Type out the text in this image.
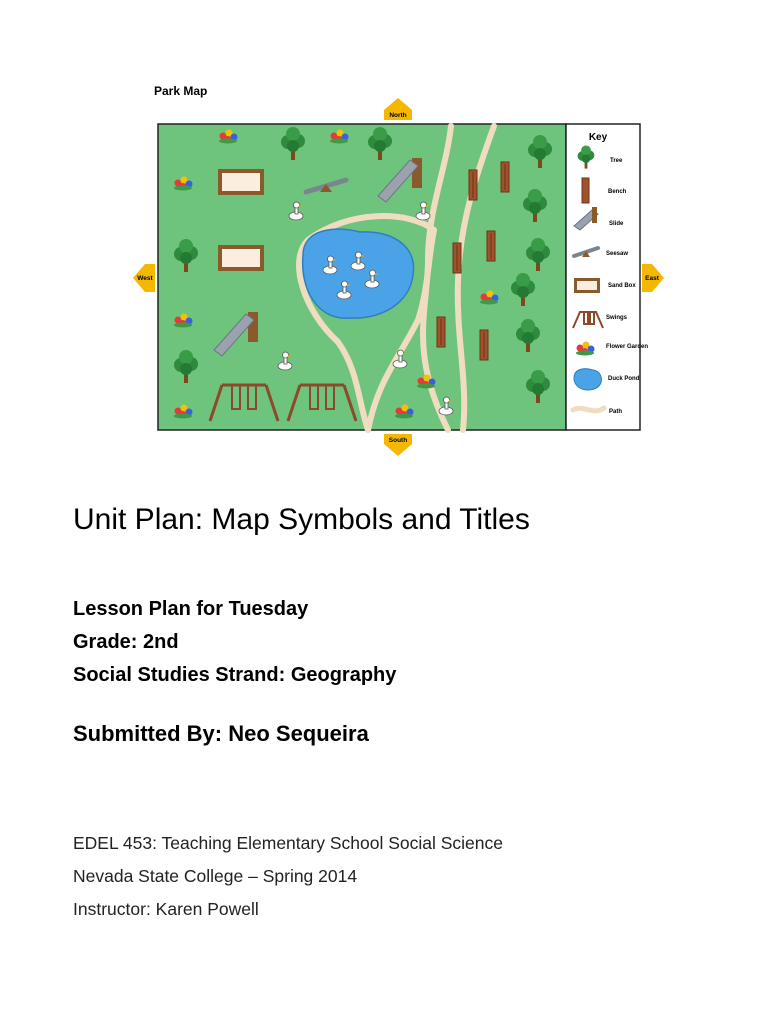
Key
Tree
Bench
Slide
Seesaw
Sand Box
Swings
Flower Garden
Duck Pond
Path
Park Map
North
South
West	East
Unit Plan: Map Symbols and Titles

Lesson Plan for Tuesday

Grade: 2nd

Social Studies Strand: Geography

Submitted By: Neo Sequeira

EDEL 453: Teaching Elementary School Social Science

Nevada State College – Spring 2014

Instructor: Karen Powell
